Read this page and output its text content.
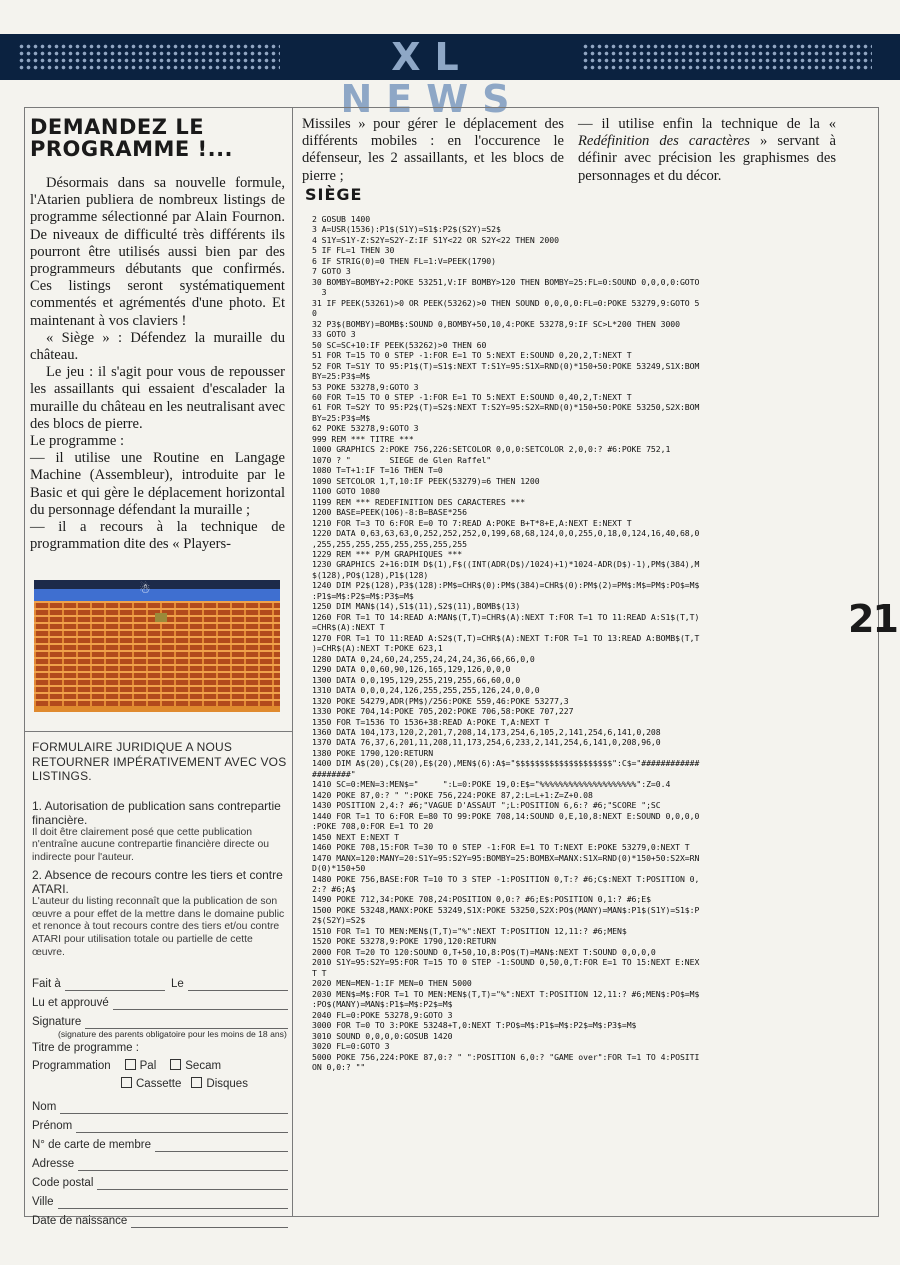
XL NEWS
DEMANDEZ LE
PROGRAMME !...

Désormais dans sa nouvelle formule, l'Atarien publiera de nombreux listings de programme sélectionné par Alain Fournon. De niveaux de difficulté très différents ils pourront être utilisés aussi bien par des programmeurs débutants que confirmés. Ces listings seront systématiquement commentés et agrémentés d'une photo. Et maintenant à vos claviers !

« Siège » : Défendez la muraille du château.

Le jeu : il s'agit pour vous de repousser les assaillants qui essaient d'escalader la muraille du château en les neutralisant avec des blocs de pierre.

Le programme :

— il utilise une Routine en Langage Machine (Assembleur), introduite par le Basic et qui gère le déplacement horizontal du personnage défendant la muraille ;

— il a recours à la technique de programmation dite des « Players-

☃
FORMULAIRE JURIDIQUE A NOUS RETOURNER IMPÉRATIVEMENT AVEC VOS LISTINGS.
1. Autorisation de publication sans contrepartie financière.
Il doit être clairement posé que cette publication n'entraîne aucune contrepartie financière directe ou indirecte pour l'auteur.
2. Absence de recours contre les tiers et contre ATARI.
L'auteur du listing reconnaît que la publication de son œuvre a pour effet de la mettre dans le domaine public et renonce à tout recours contre des tiers et/ou contre ATARI pour utilisation totale ou partielle de cette œuvre.
Fait à	Le
Lu et approuvé
Signature
(signature des parents obligatoire pour les moins de 18 ans)
Titre de programme :
Programmation	Pal	Secam
Cassette	Disques
Nom
Prénom
N° de carte de membre
Adresse
Code postal
Ville
Date de naissance
Missiles » pour gérer le déplacement des différents mobiles : en l'occurence le défenseur, les 2 assaillants, et les blocs de pierre ;
— il utilise enfin la technique de la « Redéfinition des caractères » servant à définir avec précision les graphismes des personnages et du décor.
SIÈGE
2 GOSUB 1400
3 A=USR(1536):P1$(S1Y)=S1$:P2$(S2Y)=S2$
4 S1Y=S1Y-Z:S2Y=S2Y-Z:IF S1Y<22 OR S2Y<22 THEN 2000
5 IF FL=1 THEN 30
6 IF STRIG(0)=0 THEN FL=1:V=PEEK(1790)
7 GOTO 3
30 BOMBY=BOMBY+2:POKE 53251,V:IF BOMBY>120 THEN BOMBY=25:FL=0:SOUND 0,0,0,0:GOTO
3
31 IF PEEK(53261)>0 OR PEEK(53262)>0 THEN SOUND 0,0,0,0:FL=0:POKE 53279,9:GOTO 5
0
32 P3$(BOMBY)=BOMB$:SOUND 0,BOMBY+50,10,4:POKE 53278,9:IF SC>L*200 THEN 3000
33 GOTO 3
50 SC=SC+10:IF PEEK(53262)>0 THEN 60
51 FOR T=15 TO 0 STEP -1:FOR E=1 TO 5:NEXT E:SOUND 0,20,2,T:NEXT T
52 FOR T=S1Y TO 95:P1$(T)=S1$:NEXT T:S1Y=95:S1X=RND(0)*150+50:POKE 53249,S1X:BOM
BY=25:P3$=M$
53 POKE 53278,9:GOTO 3
60 FOR T=15 TO 0 STEP -1:FOR E=1 TO 5:NEXT E:SOUND 0,40,2,T:NEXT T
61 FOR T=S2Y TO 95:P2$(T)=S2$:NEXT T:S2Y=95:S2X=RND(0)*150+50:POKE 53250,S2X:BOM
BY=25:P3$=M$
62 POKE 53278,9:GOTO 3
999 REM *** TITRE ***
1000 GRAPHICS 2:POKE 756,226:SETCOLOR 0,0,0:SETCOLOR 2,0,0:? #6:POKE 752,1
1070 ? "        SIEGE de Glen Raffel"
1080 T=T+1:IF T=16 THEN T=0
1090 SETCOLOR 1,T,10:IF PEEK(53279)=6 THEN 1200
1100 GOTO 1080
1199 REM *** REDEFINITION DES CARACTERES ***
1200 BASE=PEEK(106)-8:B=BASE*256
1210 FOR T=3 TO 6:FOR E=0 TO 7:READ A:POKE B+T*8+E,A:NEXT E:NEXT T
1220 DATA 0,63,63,63,0,252,252,252,0,199,68,68,124,0,0,255,0,18,0,124,16,40,68,0
,255,255,255,255,255,255,255,255
1229 REM *** P/M GRAPHIQUES ***
1230 GRAPHICS 2+16:DIM D$(1),F$((INT(ADR(D$)/1024)+1)*1024-ADR(D$)-1),PM$(384),M
$(128),PO$(128),P1$(128)
1240 DIM P2$(128),P3$(128):PM$=CHR$(0):PM$(384)=CHR$(0):PM$(2)=PM$:M$=PM$:PO$=M$
:P1$=M$:P2$=M$:P3$=M$
1250 DIM MAN$(14),S1$(11),S2$(11),BOMB$(13)
1260 FOR T=1 TO 14:READ A:MAN$(T,T)=CHR$(A):NEXT T:FOR T=1 TO 11:READ A:S1$(T,T)
=CHR$(A):NEXT T
1270 FOR T=1 TO 11:READ A:S2$(T,T)=CHR$(A):NEXT T:FOR T=1 TO 13:READ A:BOMB$(T,T
)=CHR$(A):NEXT T:POKE 623,1
1280 DATA 0,24,60,24,255,24,24,24,36,66,66,0,0
1290 DATA 0,0,60,90,126,165,129,126,0,0,0
1300 DATA 0,0,195,129,255,219,255,66,60,0,0
1310 DATA 0,0,0,24,126,255,255,255,126,24,0,0,0
1320 POKE 54279,ADR(PM$)/256:POKE 559,46:POKE 53277,3
1330 POKE 704,14:POKE 705,202:POKE 706,58:POKE 707,227
1350 FOR T=1536 TO 1536+38:READ A:POKE T,A:NEXT T
1360 DATA 104,173,120,2,201,7,208,14,173,254,6,105,2,141,254,6,141,0,208
1370 DATA 76,37,6,201,11,208,11,173,254,6,233,2,141,254,6,141,0,208,96,0
1380 POKE 1790,120:RETURN
1400 DIM A$(20),C$(20),E$(20),MEN$(6):A$="$$$$$$$$$$$$$$$$$$$$":C$="############
########"
1410 SC=0:MEN=3:MEN$="     ":L=0:POKE 19,0:E$="%%%%%%%%%%%%%%%%%%%%":Z=0.4
1420 POKE 87,0:? " ":POKE 756,224:POKE 87,2:L=L+1:Z=Z+0.08
1430 POSITION 2,4:? #6;"VAGUE D'ASSAUT ";L:POSITION 6,6:? #6;"SCORE ";SC
1440 FOR T=1 TO 6:FOR E=80 TO 99:POKE 708,14:SOUND 0,E,10,8:NEXT E:SOUND 0,0,0,0
:POKE 708,0:FOR E=1 TO 20
1450 NEXT E:NEXT T
1460 POKE 708,15:FOR T=30 TO 0 STEP -1:FOR E=1 TO T:NEXT E:POKE 53279,0:NEXT T
1470 MANX=120:MANY=20:S1Y=95:S2Y=95:BOMBY=25:BOMBX=MANX:S1X=RND(0)*150+50:S2X=RN
D(0)*150+50
1480 POKE 756,BASE:FOR T=10 TO 3 STEP -1:POSITION 0,T:? #6;C$:NEXT T:POSITION 0,
2:? #6;A$
1490 POKE 712,34:POKE 708,24:POSITION 0,0:? #6;E$:POSITION 0,1:? #6;E$
1500 POKE 53248,MANX:POKE 53249,S1X:POKE 53250,S2X:PO$(MANY)=MAN$:P1$(S1Y)=S1$:P
2$(S2Y)=S2$
1510 FOR T=1 TO MEN:MEN$(T,T)="%":NEXT T:POSITION 12,11:? #6;MEN$
1520 POKE 53278,9:POKE 1790,120:RETURN
2000 FOR T=20 TO 120:SOUND 0,T+50,10,8:PO$(T)=MAN$:NEXT T:SOUND 0,0,0,0
2010 S1Y=95:S2Y=95:FOR T=15 TO 0 STEP -1:SOUND 0,50,0,T:FOR E=1 TO 15:NEXT E:NEX
T T
2020 MEN=MEN-1:IF MEN=0 THEN 5000
2030 MEN$=M$:FOR T=1 TO MEN:MEN$(T,T)="%":NEXT T:POSITION 12,11:? #6;MEN$:PO$=M$
:PO$(MANY)=MAN$:P1$=M$:P2$=M$
2040 FL=0:POKE 53278,9:GOTO 3
3000 FOR T=0 TO 3:POKE 53248+T,0:NEXT T:PO$=M$:P1$=M$:P2$=M$:P3$=M$
3010 SOUND 0,0,0,0:GOSUB 1420
3020 FL=0:GOTO 3
5000 POKE 756,224:POKE 87,0:? " ":POSITION 6,0:? "GAME over":FOR T=1 TO 4:POSITI
ON 0,0:? ""
21
